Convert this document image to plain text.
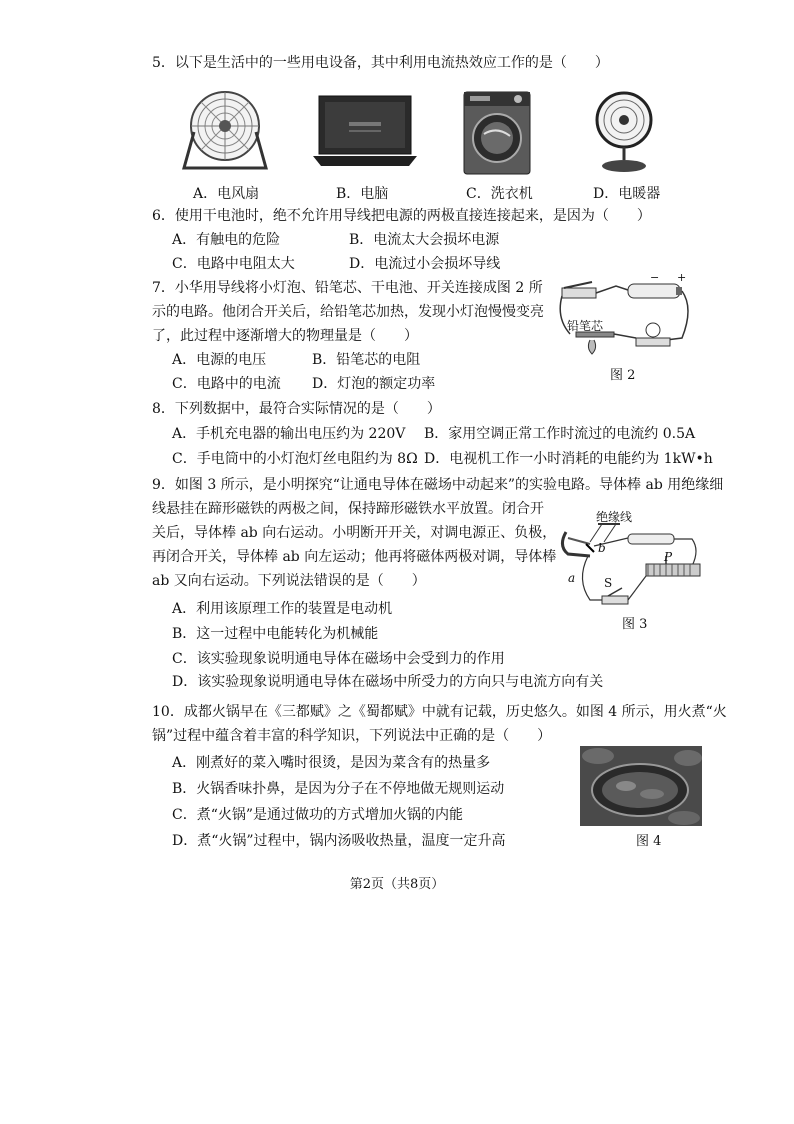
5．以下是生活中的一些用电设备，其中利用电流热效应工作的是（　　）
A．电风扇	B．电脑	C．洗衣机	D．电暖器
6．使用干电池时，绝不允许用导线把电源的两极直接连接起来，是因为（　　）
A．有触电的危险	B．电流太大会损坏电源
C．电路中电阻太大	D．电流过小会损坏导线
7．小华用导线将小灯泡、铅笔芯、干电池、开关连接成图 2 所
示的电路。他闭合开关后，给铅笔芯加热，发现小灯泡慢慢变亮
了，此过程中逐渐增大的物理量是（　　）
A．电源的电压	B．铅笔芯的电阻
C．电路中的电流 D．灯泡的额定功率
铅笔芯
− +
图 2
8．下列数据中，最符合实际情况的是（　　）
A．手机充电器的输出电压约为 220V B．家用空调正常工作时流过的电流约 0.5A
C．手电筒中的小灯泡灯丝电阻约为 8Ω D．电视机工作一小时消耗的电能约为 1kW•h
9．如图 3 所示，是小明探究“让通电导体在磁场中动起来”的实验电路。导体棒 ab 用绝缘细
线悬挂在蹄形磁铁的两极之间，保持蹄形磁铁水平放置。闭合开
关后，导体棒 ab 向右运动。小明断开开关，对调电源正、负极，
再闭合开关，导体棒 ab 向左运动；他再将磁体两极对调，导体棒
ab 又向右运动。下列说法错误的是（　　）
A．利用该原理工作的装置是电动机
B．这一过程中电能转化为机械能
C．该实验现象说明通电导体在磁场中会受到力的作用
D．该实验现象说明通电导体在磁场中所受力的方向只与电流方向有关
绝缘线
b
a S
P
图 3
10．成都火锅早在《三都赋》之《蜀都赋》中就有记载，历史悠久。如图 4 所示，用火煮“火
锅”过程中蕴含着丰富的科学知识，下列说法中正确的是（　　）
A．刚煮好的菜入嘴时很烫，是因为菜含有的热量多
B．火锅香味扑鼻，是因为分子在不停地做无规则运动
C．煮“火锅”是通过做功的方式增加火锅的内能
D．煮“火锅”过程中，锅内汤吸收热量，温度一定升高	图 4
第2页（共8页）
